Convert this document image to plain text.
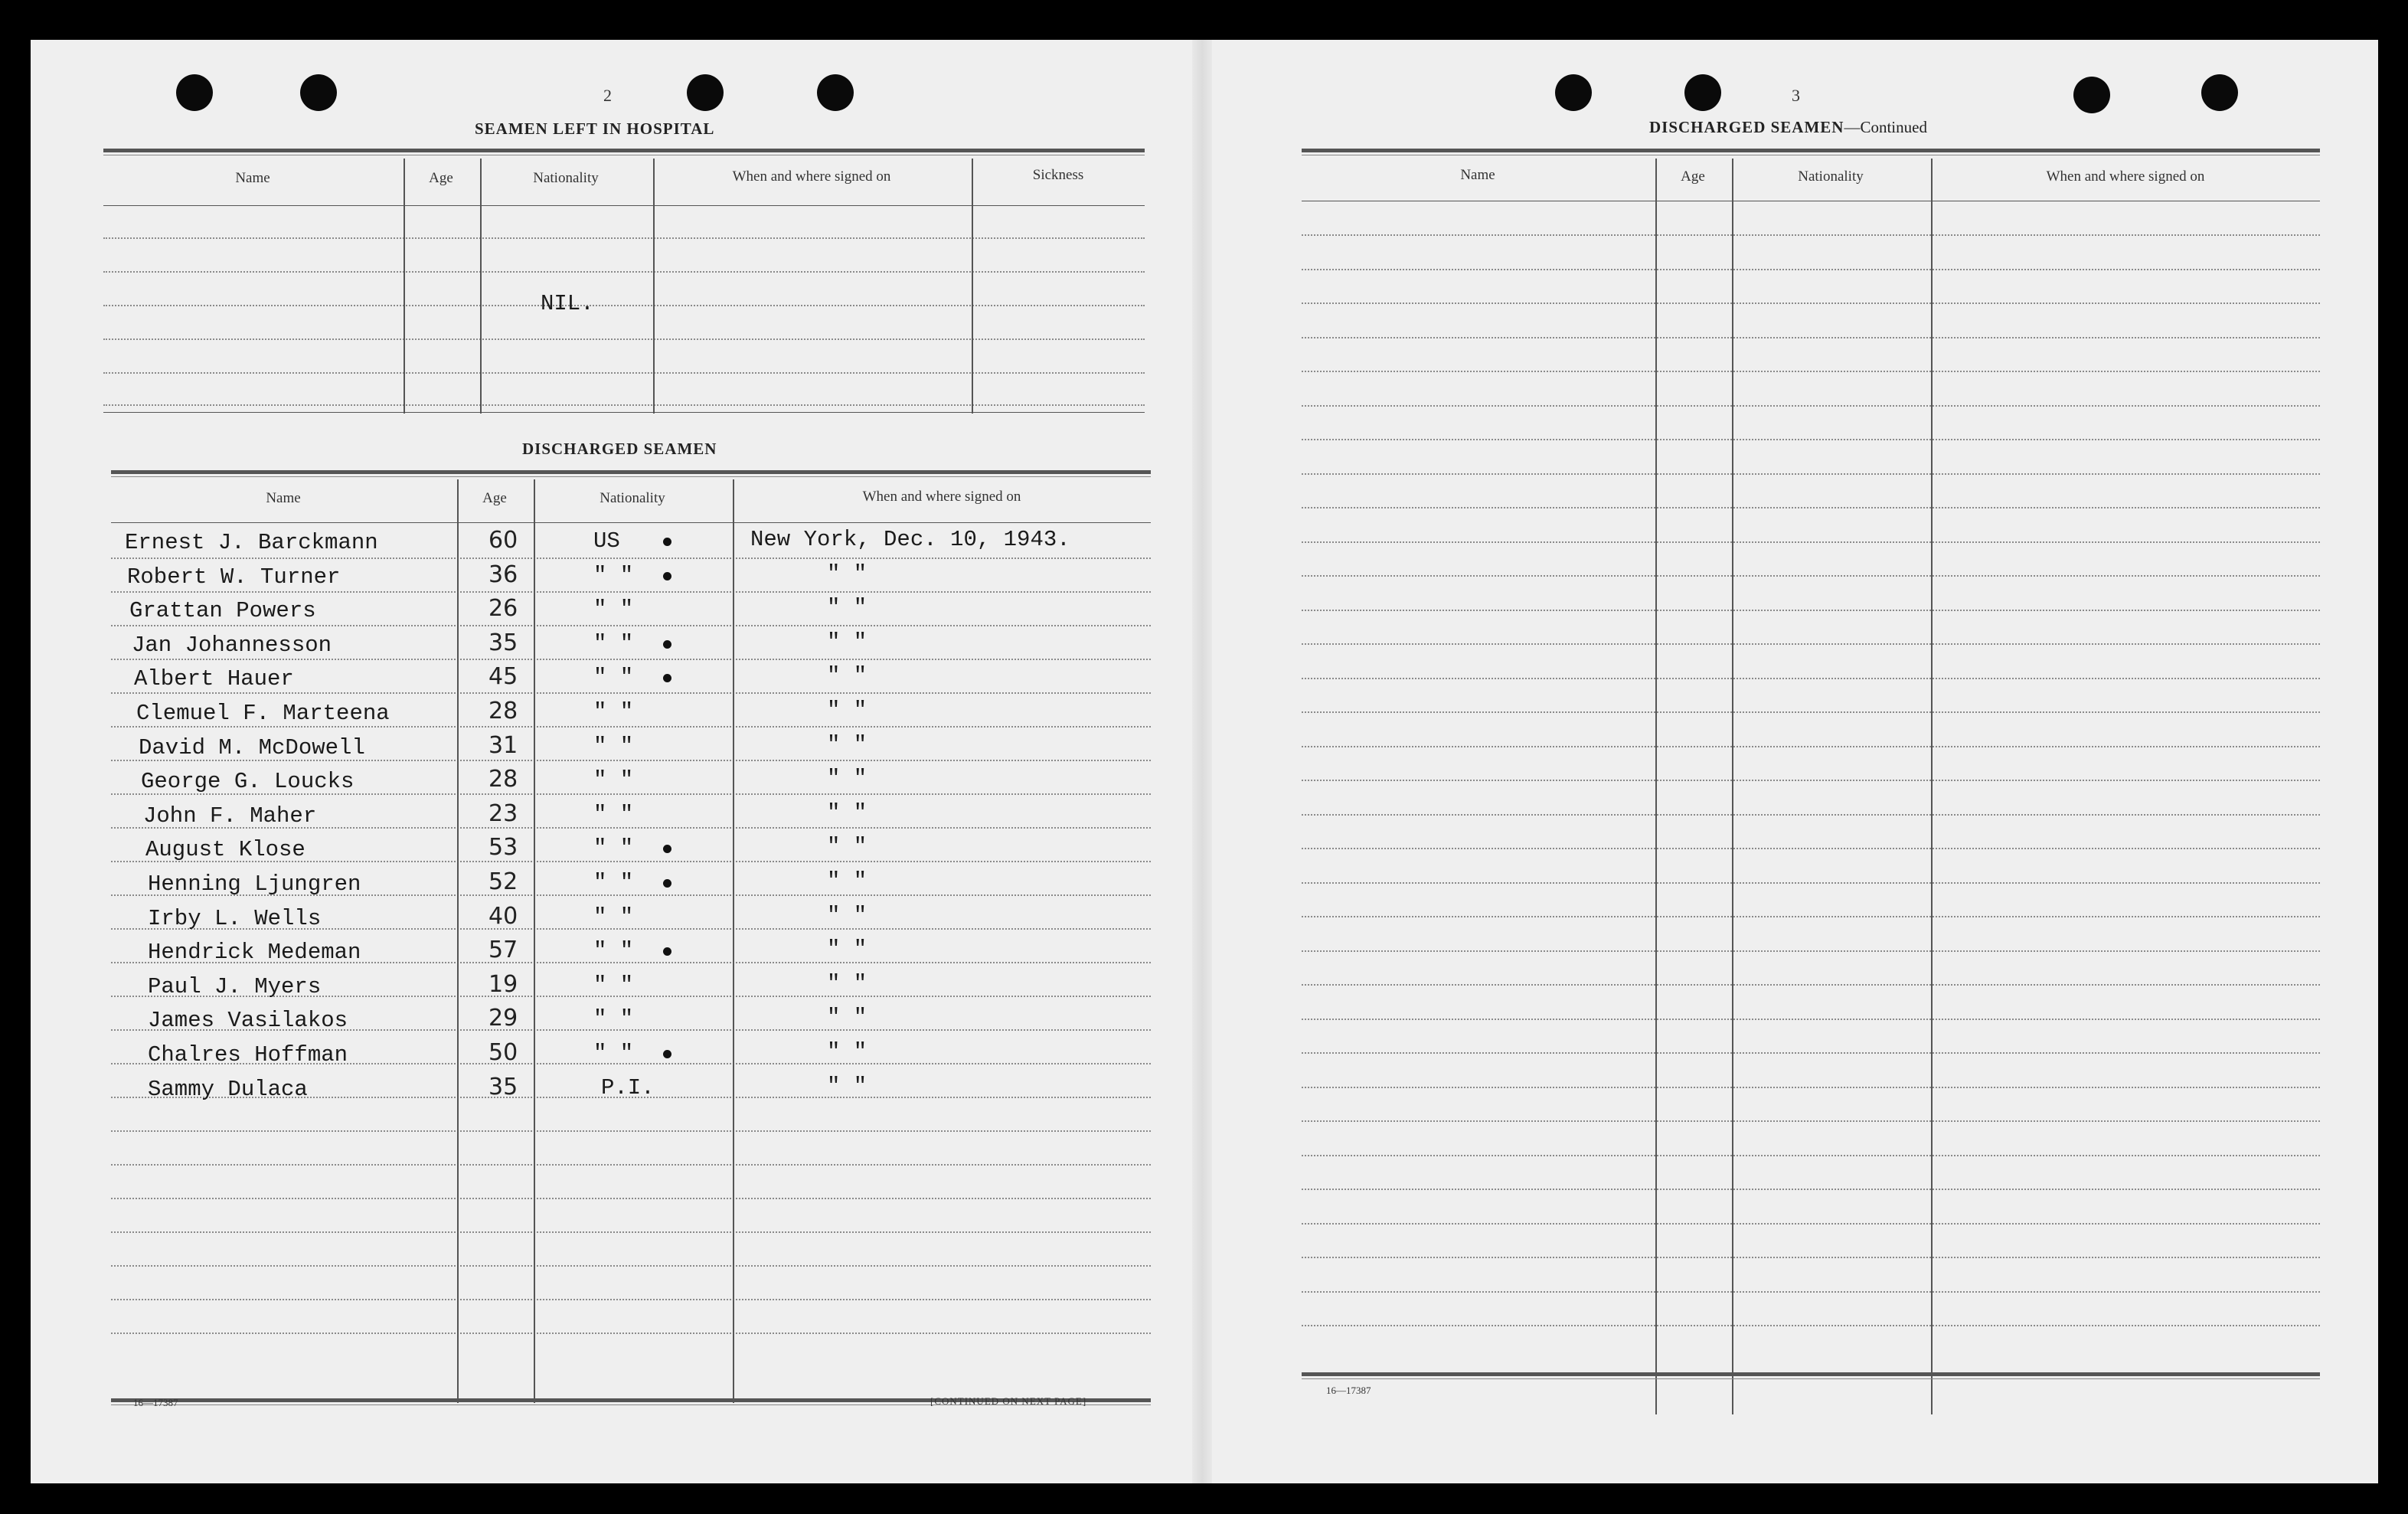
2
SEAMEN LEFT IN HOSPITAL
Name	Age	Nationality	When and where signed on	Sickness
NIL.
DISCHARGED SEAMEN
Name	Age	Nationality	When and where signed on
Ernest J. Barckmann	60	US	New York, Dec. 10, 1943.
Robert W. Turner	36	" "	" "
Grattan Powers	26	" "	" "
Jan Johannesson	35	" "	" "
Albert Hauer	45	" "	" "
Clemuel F. Marteena	28	" "	" "
David M. McDowell	31	" "	" "
George G. Loucks	28	" "	" "
John F. Maher	23	" "	" "
August Klose	53	" "	" "
Henning Ljungren	52	" "	" "
Irby L. Wells	40	" "	" "
Hendrick Medeman	57	" "	" "
Paul J. Myers	19	" "	" "
James Vasilakos	29	" "	" "
Chalres Hoffman	50	" "	" "
Sammy Dulaca	35	P.I.	" "
16—17387	[CONTINUED ON NEXT PAGE]
3
DISCHARGED SEAMEN—Continued
Name	Age	Nationality	When and where signed on
16—17387
